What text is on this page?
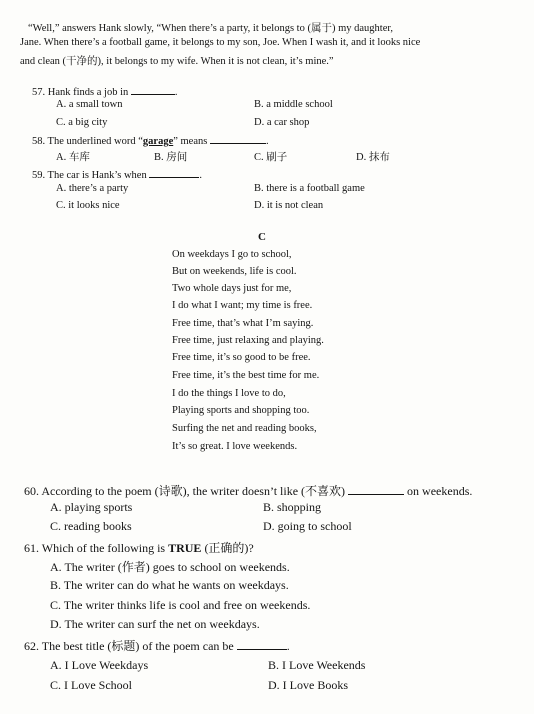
“Well,” answers Hank slowly, “When there’s a party, it belongs to (属于) my daughter,
Jane. When there’s a football game, it belongs to my son, Joe. When I wash it, and it looks nice
and clean (干净的), it belongs to my wife. When it is not clean, it’s mine.”
57. Hank finds a job in	.
A. a small town	B. a middle school
C. a big city	D. a car shop
58. The underlined word “garage” means	.
A. 车库	B. 房间	C. 刷子	D. 抹布
59. The car is Hank’s when	.
A. there’s a party	B. there is a football game
C. it looks nice	D. it is not clean
C
On weekdays I go to school,
But on weekends, life is cool.
Two whole days just for me,
I do what I want; my time is free.
Free time, that’s what I’m saying.
Free time, just relaxing and playing.
Free time, it’s so good to be free.
Free time, it’s the best time for me.
I do the things I love to do,
Playing sports and shopping too.
Surfing the net and reading books,
It’s so great. I love weekends.
60. According to the poem (诗歌), the writer doesn’t like (不喜欢)	on weekends.
A. playing sports	B. shopping
C. reading books	D. going to school
61. Which of the following is TRUE (正确的)?
A. The writer (作者) goes to school on weekends.
B. The writer can do what he wants on weekdays.
C. The writer thinks life is cool and free on weekends.
D. The writer can surf the net on weekdays.
62. The best title (标题) of the poem can be	.
A. I Love Weekdays	B. I Love Weekends
C. I Love School	D. I Love Books
